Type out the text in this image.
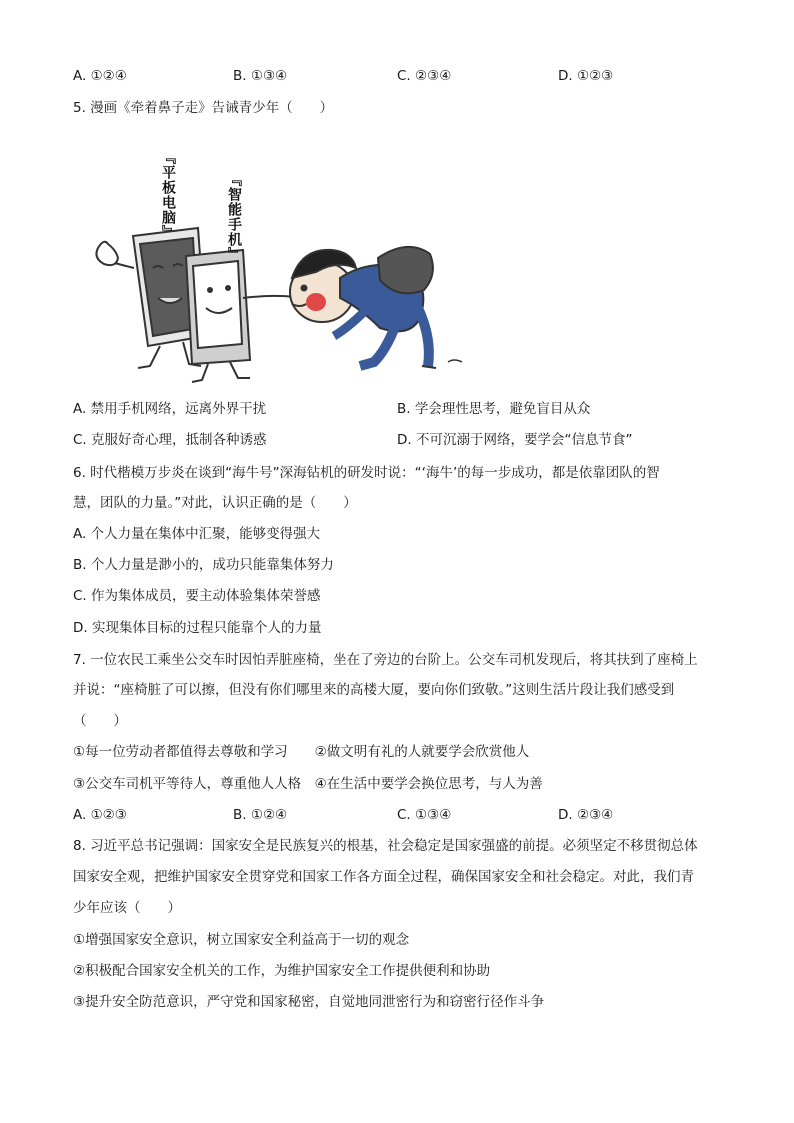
A. ①②④	B. ①③④	C. ②③④	D. ①②③
5. 漫画《牵着鼻子走》告诫青少年（　　）
『平板电脑』	『智能手机』
A. 禁用手机网络，远离外界干扰	B. 学会理性思考，避免盲目从众
C. 克服好奇心理，抵制各种诱惑	D. 不可沉溺于网络，要学会“信息节食”
6. 时代楷模万步炎在谈到“海牛号”深海钻机的研发时说：“‘海牛’的每一步成功，都是依靠团队的智
慧，团队的力量。”对此，认识正确的是（　　）
A. 个人力量在集体中汇聚，能够变得强大
B. 个人力量是渺小的，成功只能靠集体努力
C. 作为集体成员，要主动体验集体荣誉感
D. 实现集体目标的过程只能靠个人的力量
7. 一位农民工乘坐公交车时因怕弄脏座椅，坐在了旁边的台阶上。公交车司机发现后，将其扶到了座椅上
并说：“座椅脏了可以擦，但没有你们哪里来的高楼大厦，要向你们致敬。”这则生活片段让我们感受到
（　　）
①每一位劳动者都值得去尊敬和学习　　②做文明有礼的人就要学会欣赏他人
③公交车司机平等待人，尊重他人人格　④在生活中要学会换位思考，与人为善
A. ①②③	B. ①②④	C. ①③④	D. ②③④
8. 习近平总书记强调：国家安全是民族复兴的根基，社会稳定是国家强盛的前提。必须坚定不移贯彻总体
国家安全观，把维护国家安全贯穿党和国家工作各方面全过程，确保国家安全和社会稳定。对此，我们青
少年应该（　　）
①增强国家安全意识，树立国家安全利益高于一切的观念
②积极配合国家安全机关的工作，为维护国家安全工作提供便利和协助
③提升安全防范意识，严守党和国家秘密，自觉地同泄密行为和窃密行径作斗争
